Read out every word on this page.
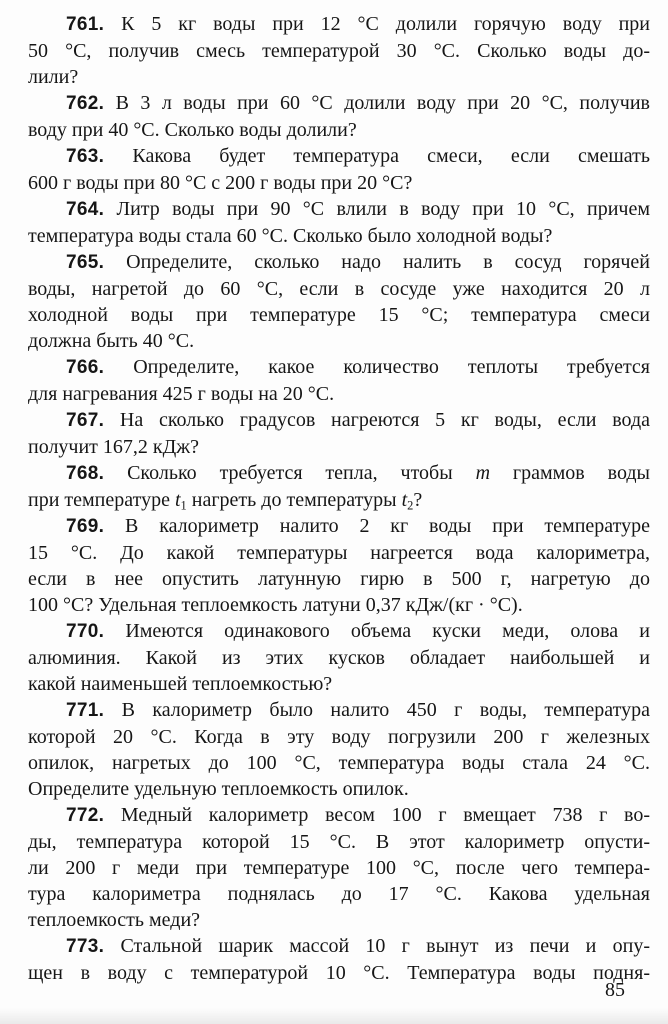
761. К 5 кг воды при 12 °C долили горячую воду при
50 °C, получив смесь температурой 30 °C. Сколько воды до-
лили?

762. В 3 л воды при 60 °C долили воду при 20 °C, получив
воду при 40 °C. Сколько воды долили?

763. Какова будет температура смеси, если смешать
600 г воды при 80 °C с 200 г воды при 20 °C?

764. Литр воды при 90 °C влили в воду при 10 °C, причем
температура воды стала 60 °C. Сколько было холодной воды?

765. Определите, сколько надо налить в сосуд горячей
воды, нагретой до 60 °C, если в сосуде уже находится 20 л
холодной воды при температуре 15 °C; температура смеси
должна быть 40 °C.

766. Определите, какое количество теплоты требуется
для нагревания 425 г воды на 20 °C.

767. На сколько градусов нагреются 5 кг воды, если вода
получит 167,2 кДж?

768. Сколько требуется тепла, чтобы m граммов воды
при температуре $t_1$ нагреть до температуры $t_2$?

769. В калориметр налито 2 кг воды при температуре
15 °C. До какой температуры нагреется вода калориметра,
если в нее опустить латунную гирю в 500 г, нагретую до
100 °C? Удельная теплоемкость латуни 0,37 кДж/(кг · °C).

770. Имеются одинакового объема куски меди, олова и
алюминия. Какой из этих кусков обладает наибольшей и
какой наименьшей теплоемкостью?

771. В калориметр было налито 450 г воды, температура
которой 20 °C. Когда в эту воду погрузили 200 г железных
опилок, нагретых до 100 °C, температура воды стала 24 °C.
Определите удельную теплоемкость опилок.

772. Медный калориметр весом 100 г вмещает 738 г во-
ды, температура которой 15 °C. В этот калориметр опусти-
ли 200 г меди при температуре 100 °C, после чего темпера-
тура калориметра поднялась до 17 °C. Какова удельная
теплоемкость меди?

773. Стальной шарик массой 10 г вынут из печи и опу-
щен в воду с температурой 10 °C. Температура воды подня-

85
